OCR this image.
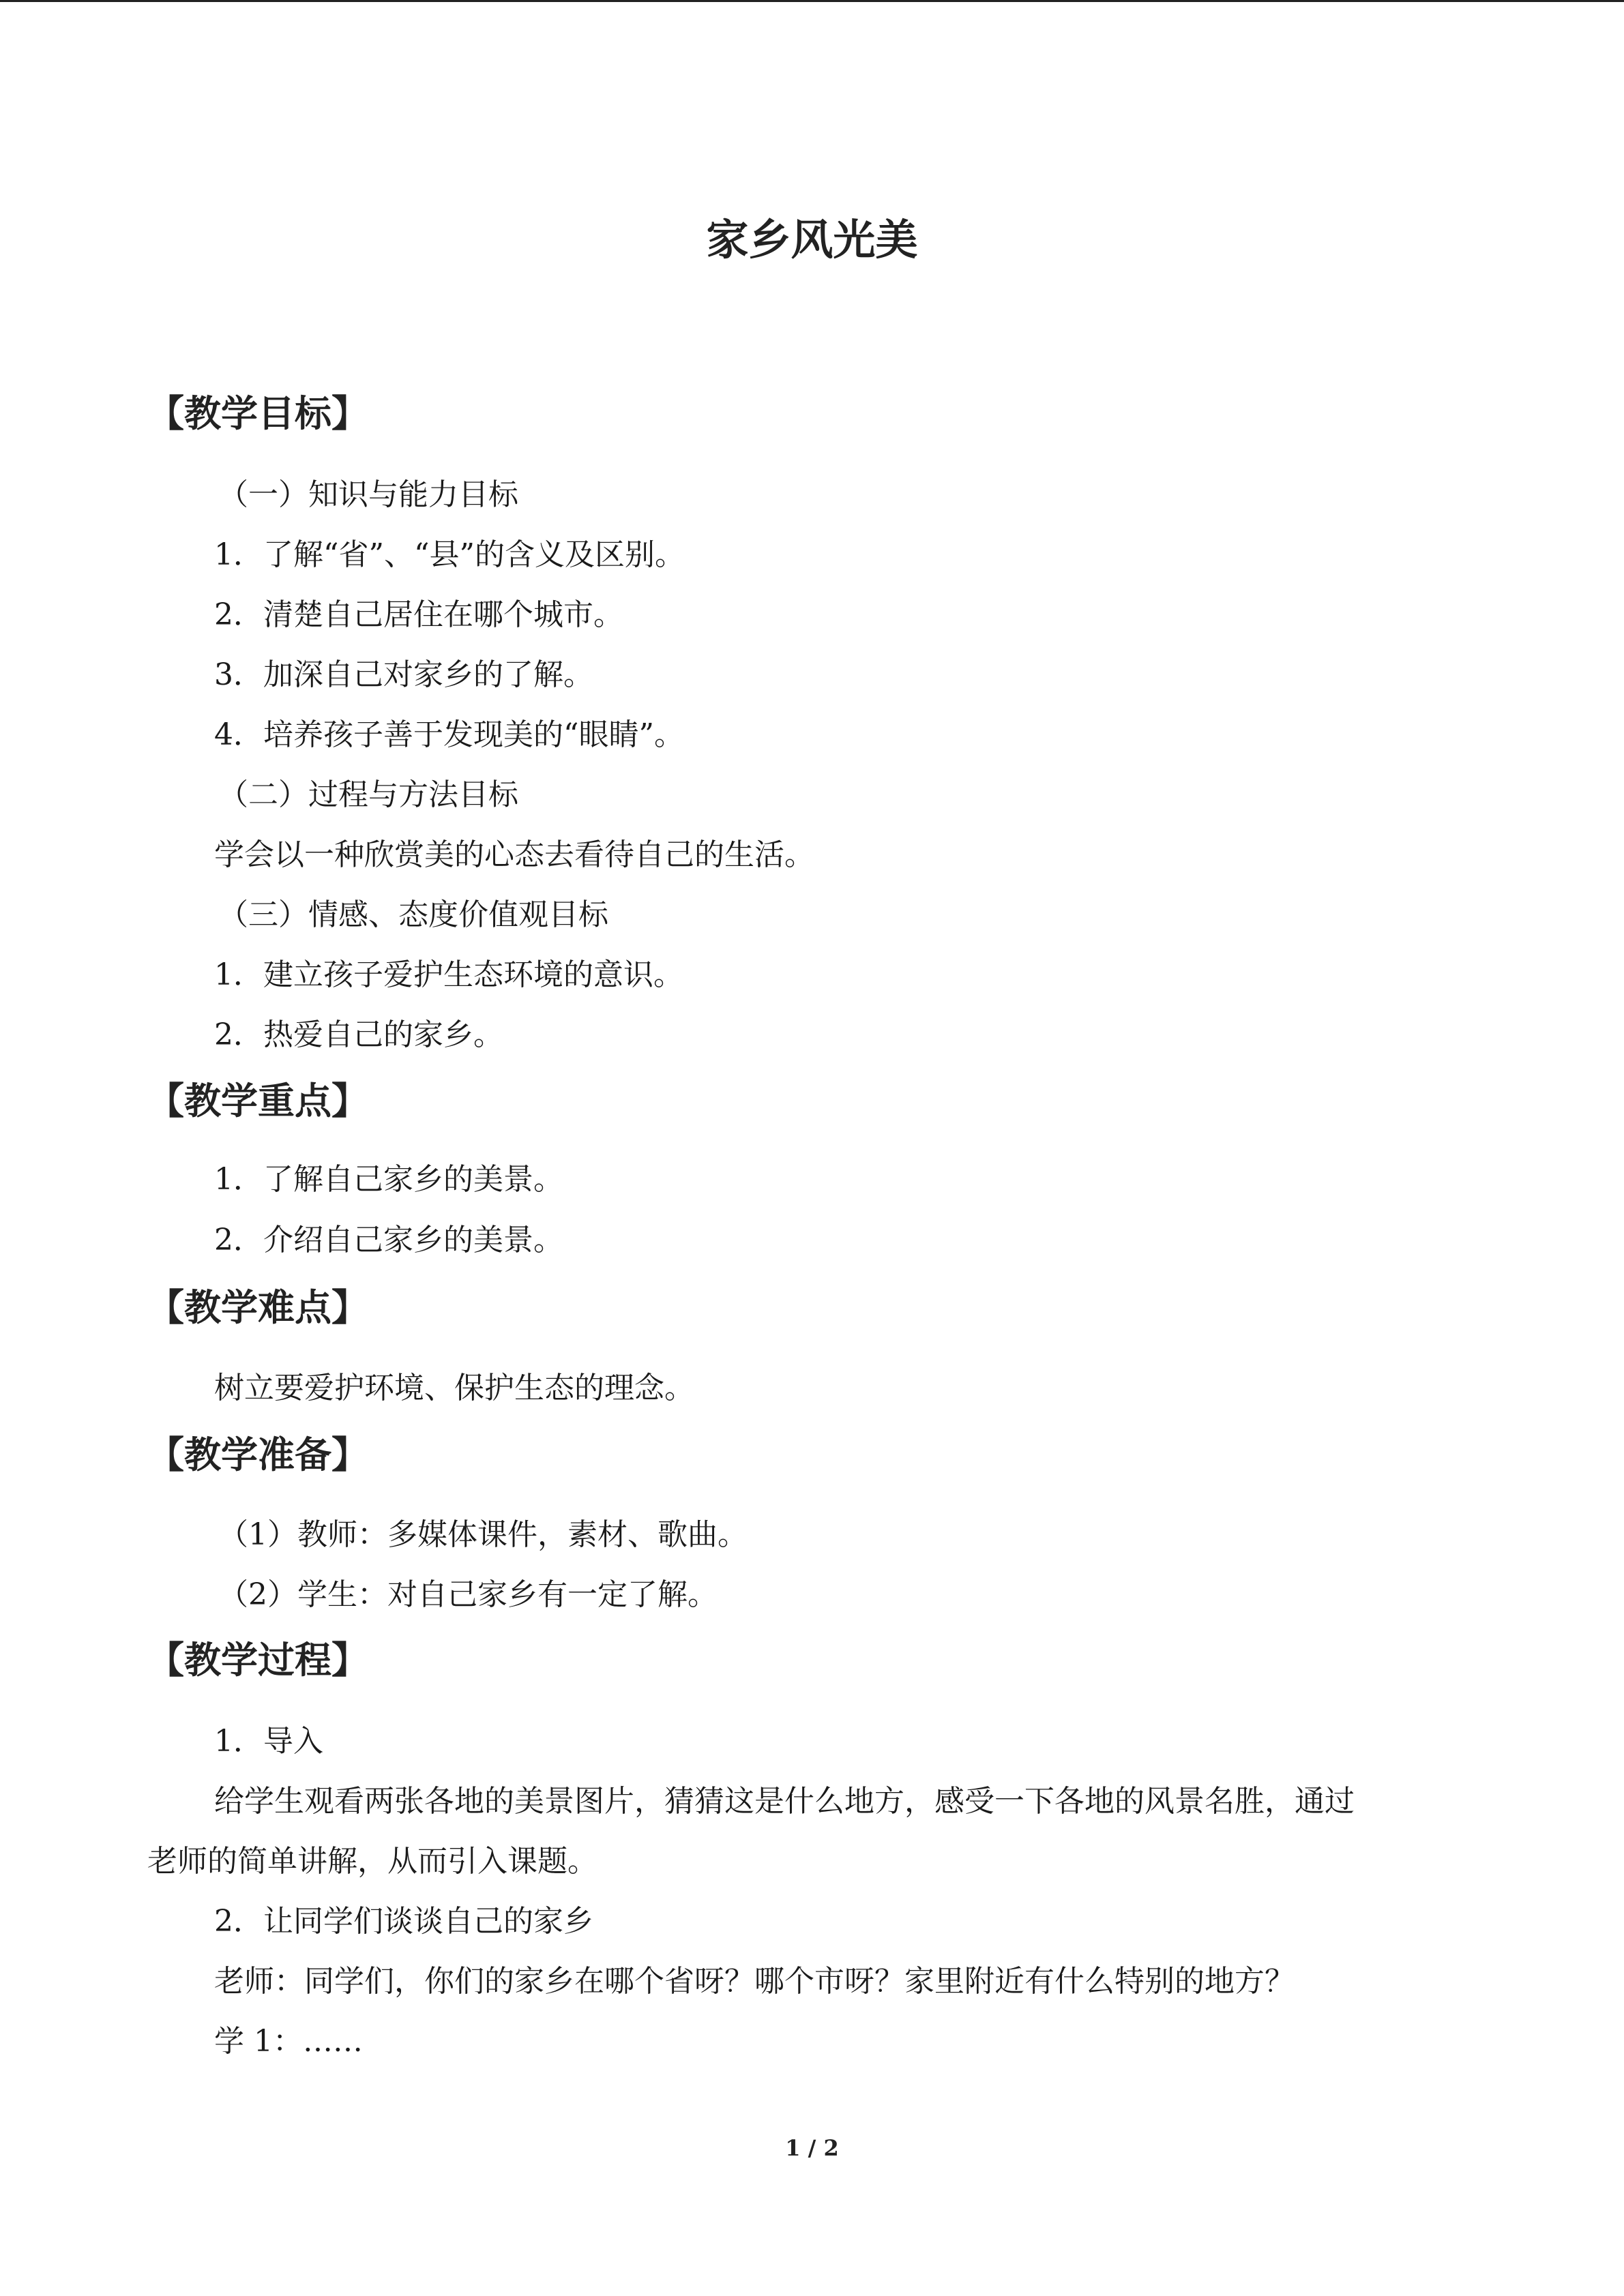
家乡风光美
【教学目标】
（一）知识与能力目标
1．了解“省”、“县”的含义及区别。
2．清楚自己居住在哪个城市。
3．加深自己对家乡的了解。
4．培养孩子善于发现美的“眼睛”。
（二）过程与方法目标
学会以一种欣赏美的心态去看待自己的生活。
（三）情感、态度价值观目标
1．建立孩子爱护生态环境的意识。
2．热爱自己的家乡。
【教学重点】
1．了解自己家乡的美景。
2．介绍自己家乡的美景。
【教学难点】
树立要爱护环境、保护生态的理念。
【教学准备】
（1）教师：多媒体课件，素材、歌曲。
（2）学生：对自己家乡有一定了解。
【教学过程】
1．导入
给学生观看两张各地的美景图片，猜猜这是什么地方，感受一下各地的风景名胜，通过
老师的简单讲解，从而引入课题。
2．让同学们谈谈自己的家乡
老师：同学们，你们的家乡在哪个省呀？哪个市呀？家里附近有什么特别的地方？
学 1：……
1 / 2
